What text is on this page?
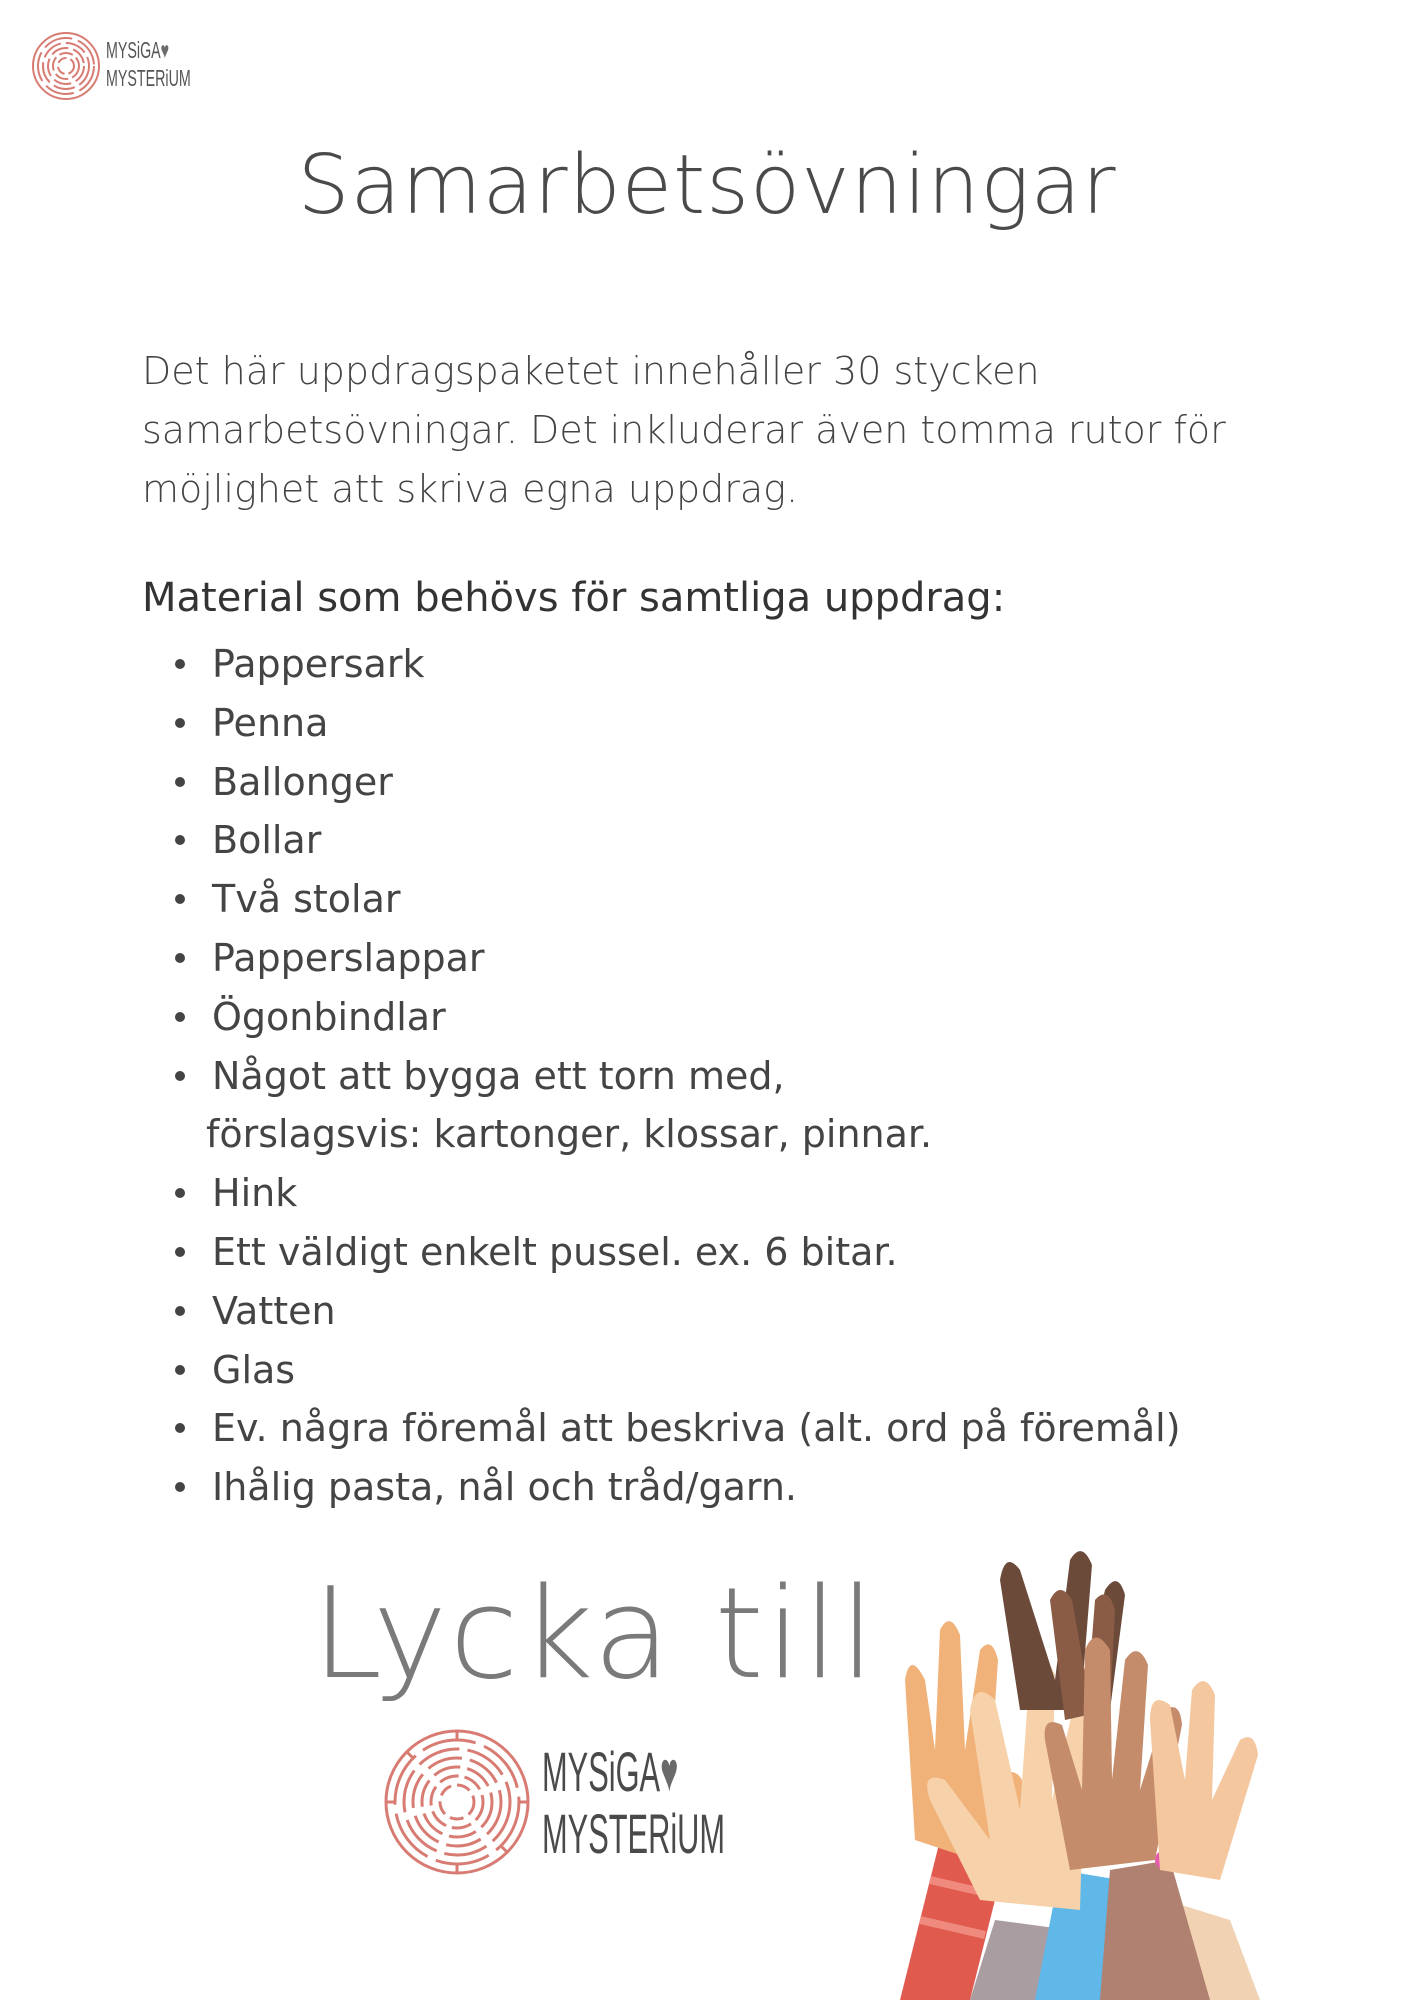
MYSiGA♥
MYSTERiUM
Samarbetsövningar

Det här uppdragspaketet innehåller 30 stycken

samarbetsövningar. Det inkluderar även tomma rutor för

möjlighet att skriva egna uppdrag.

Material som behövs för samtliga uppdrag:
Pappersark
Penna
Ballonger
Bollar
Två stolar
Papperslappar
Ögonbindlar
Något att bygga ett torn med,
förslagsvis: kartonger, klossar, pinnar.
Hink
Ett väldigt enkelt pussel. ex. 6 bitar.
Vatten
Glas
Ev. några föremål att beskriva (alt. ord på föremål)
Ihålig pasta, nål och tråd/garn.
Lycka till
MYSiGA♥
MYSTERiUM
